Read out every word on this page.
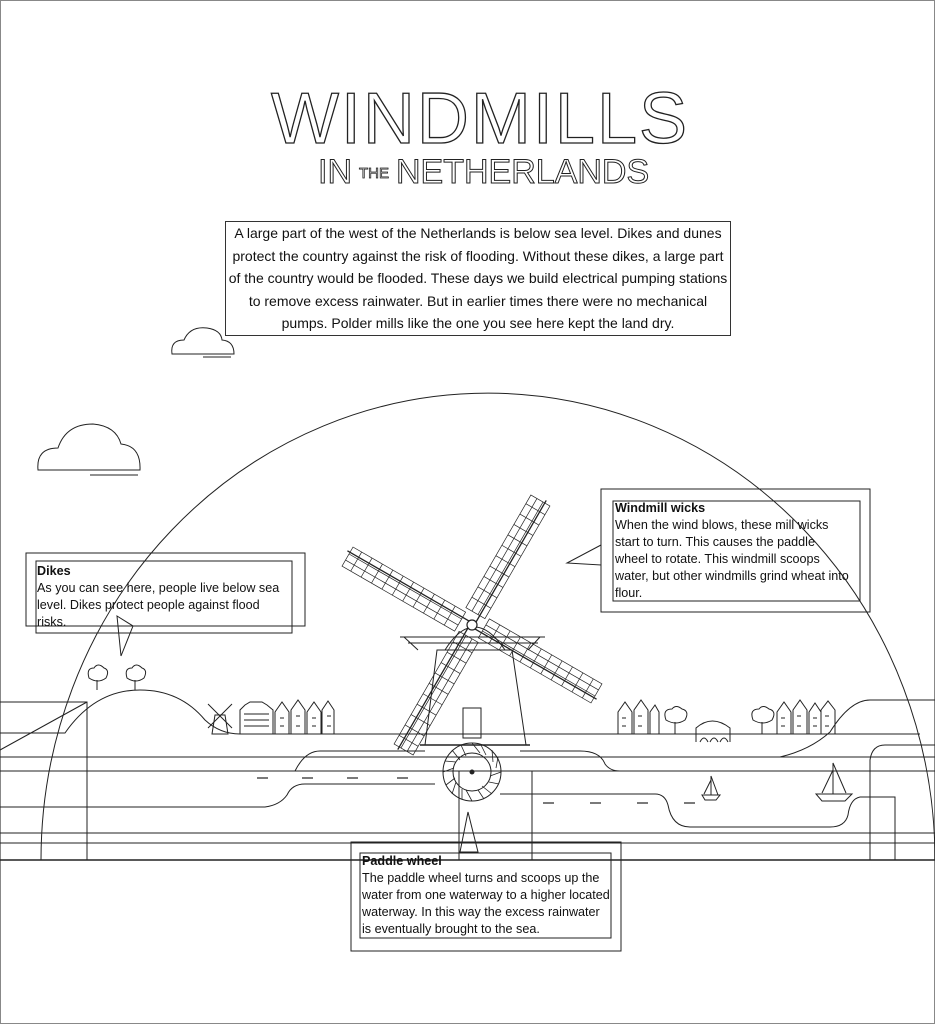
WINDMILLS
IN THE NETHERLANDS
A large part of the west of the Netherlands is below sea level. Dikes and dunes protect the country against the risk of flooding. Without these dikes, a large part of the country would be flooded. These days we build electrical pumping stations to remove excess rainwater. But in earlier times there were no mechanical pumps. Polder mills like the one you see here kept the land dry.
Dikes
As you can see here, people live below sea level. Dikes protect people against flood risks.
Windmill wicks
When the wind blows, these mill wicks start to turn. This causes the paddle wheel to rotate. This windmill scoops water, but other windmills grind wheat into flour.
Paddle wheel
The paddle wheel turns and scoops up the water from one waterway to a higher located waterway. In this way the excess rainwater is eventually brought to the sea.
